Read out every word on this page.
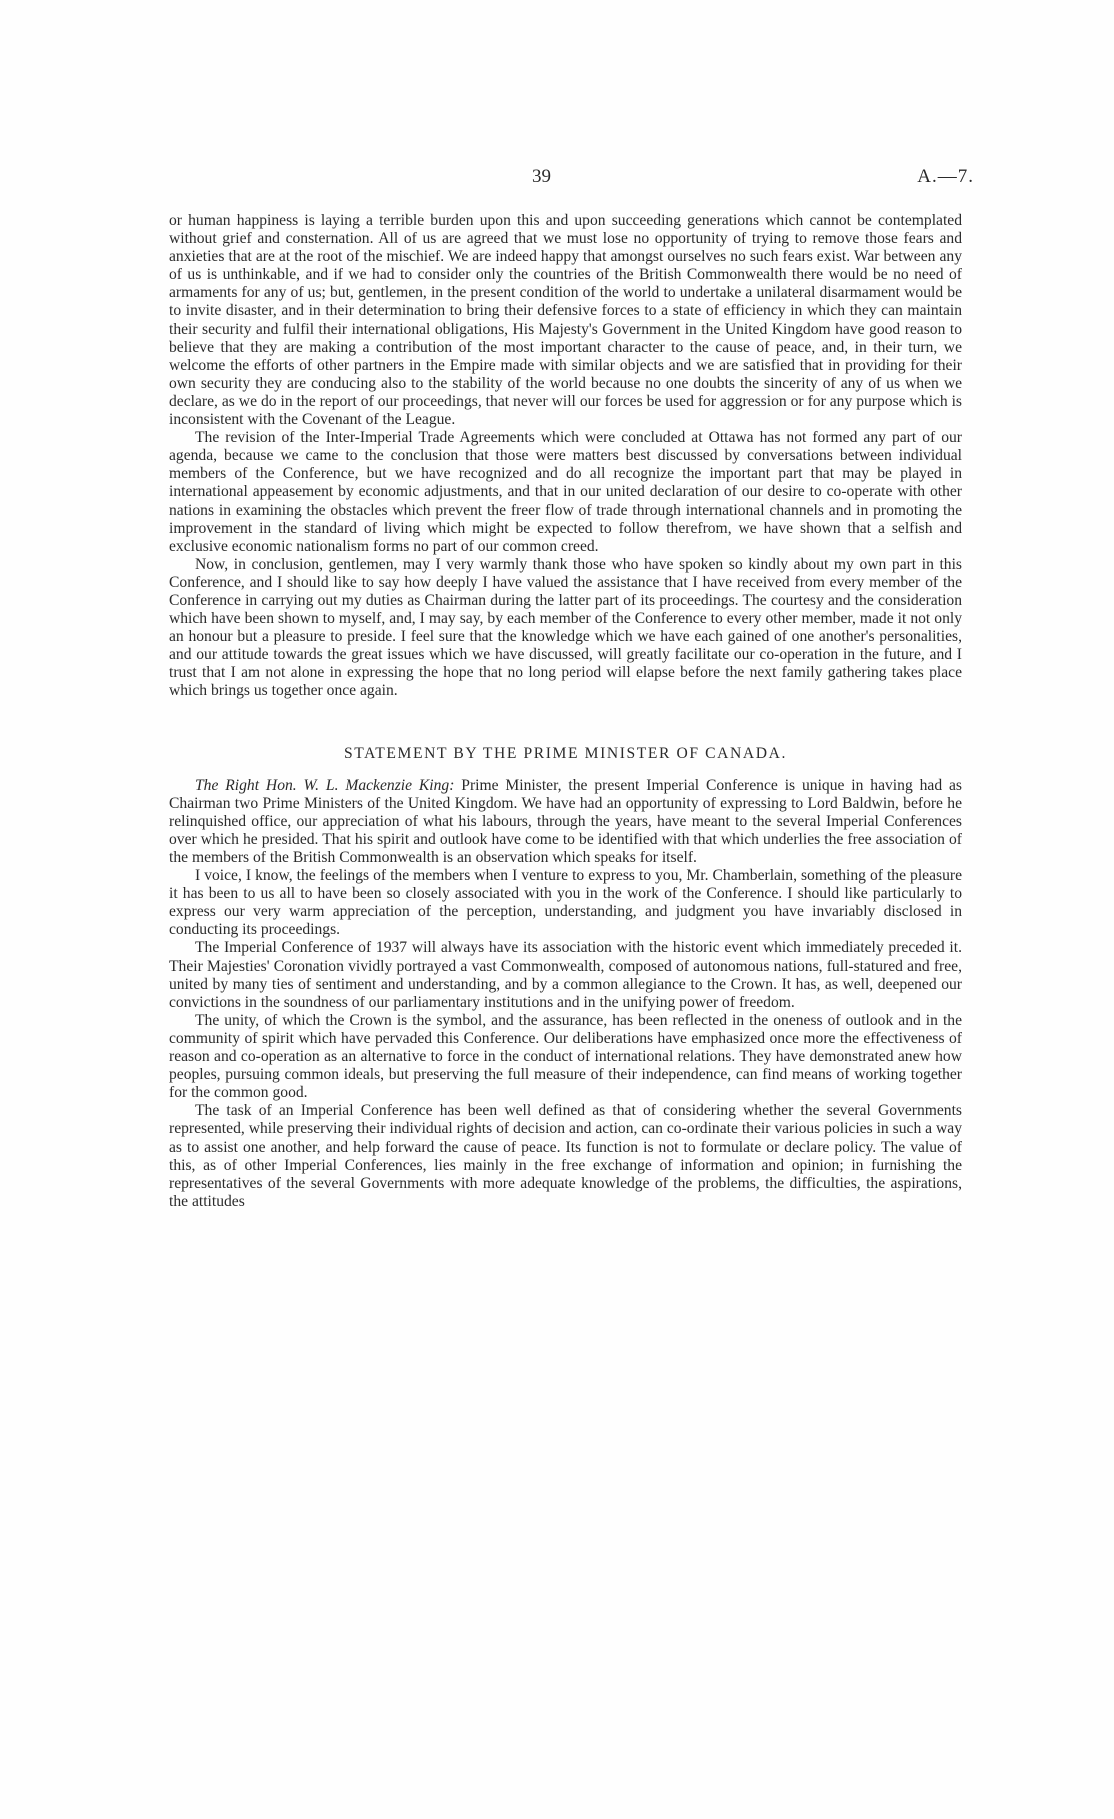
39	A.—7.

or human happiness is laying a terrible burden upon this and upon succeeding generations which cannot be contemplated without grief and consternation. All of us are agreed that we must lose no opportunity of trying to remove those fears and anxieties that are at the root of the mischief. We are indeed happy that amongst ourselves no such fears exist. War between any of us is unthinkable, and if we had to consider only the countries of the British Commonwealth there would be no need of armaments for any of us; but, gentlemen, in the present condition of the world to undertake a unilateral disarmament would be to invite disaster, and in their determination to bring their defensive forces to a state of efficiency in which they can maintain their security and fulfil their international obligations, His Majesty's Government in the United Kingdom have good reason to believe that they are making a contribution of the most important character to the cause of peace, and, in their turn, we welcome the efforts of other partners in the Empire made with similar objects and we are satisfied that in providing for their own security they are conducing also to the stability of the world because no one doubts the sincerity of any of us when we declare, as we do in the report of our proceedings, that never will our forces be used for aggression or for any purpose which is inconsistent with the Covenant of the League.

The revision of the Inter-Imperial Trade Agreements which were concluded at Ottawa has not formed any part of our agenda, because we came to the conclusion that those were matters best discussed by conversations between individual members of the Conference, but we have recognized and do all recognize the important part that may be played in international appeasement by economic adjustments, and that in our united declaration of our desire to co-operate with other nations in examining the obstacles which prevent the freer flow of trade through international channels and in promoting the improvement in the standard of living which might be expected to follow therefrom, we have shown that a selfish and exclusive economic nationalism forms no part of our common creed.

Now, in conclusion, gentlemen, may I very warmly thank those who have spoken so kindly about my own part in this Conference, and I should like to say how deeply I have valued the assistance that I have received from every member of the Conference in carrying out my duties as Chairman during the latter part of its proceedings. The courtesy and the consideration which have been shown to myself, and, I may say, by each member of the Conference to every other member, made it not only an honour but a pleasure to preside. I feel sure that the knowledge which we have each gained of one another's personalities, and our attitude towards the great issues which we have discussed, will greatly facilitate our co-operation in the future, and I trust that I am not alone in expressing the hope that no long period will elapse before the next family gathering takes place which brings us together once again.

STATEMENT BY THE PRIME MINISTER OF CANADA.

The Right Hon. W. L. Mackenzie King: Prime Minister, the present Imperial Conference is unique in having had as Chairman two Prime Ministers of the United Kingdom. We have had an opportunity of expressing to Lord Baldwin, before he relinquished office, our appreciation of what his labours, through the years, have meant to the several Imperial Conferences over which he presided. That his spirit and outlook have come to be identified with that which underlies the free association of the members of the British Commonwealth is an observation which speaks for itself.

I voice, I know, the feelings of the members when I venture to express to you, Mr. Chamberlain, something of the pleasure it has been to us all to have been so closely associated with you in the work of the Conference. I should like particularly to express our very warm appreciation of the perception, understanding, and judgment you have invariably disclosed in conducting its proceedings.

The Imperial Conference of 1937 will always have its association with the historic event which immediately preceded it. Their Majesties' Coronation vividly portrayed a vast Commonwealth, composed of autonomous nations, full-statured and free, united by many ties of sentiment and understanding, and by a common allegiance to the Crown. It has, as well, deepened our convictions in the soundness of our parliamentary institutions and in the unifying power of freedom.

The unity, of which the Crown is the symbol, and the assurance, has been reflected in the oneness of outlook and in the community of spirit which have pervaded this Conference. Our deliberations have emphasized once more the effectiveness of reason and co-operation as an alternative to force in the conduct of international relations. They have demonstrated anew how peoples, pursuing common ideals, but preserving the full measure of their independence, can find means of working together for the common good.

The task of an Imperial Conference has been well defined as that of considering whether the several Governments represented, while preserving their individual rights of decision and action, can co-ordinate their various policies in such a way as to assist one another, and help forward the cause of peace. Its function is not to formulate or declare policy. The value of this, as of other Imperial Conferences, lies mainly in the free exchange of information and opinion; in furnishing the representatives of the several Governments with more adequate knowledge of the problems, the difficulties, the aspirations, the attitudes
